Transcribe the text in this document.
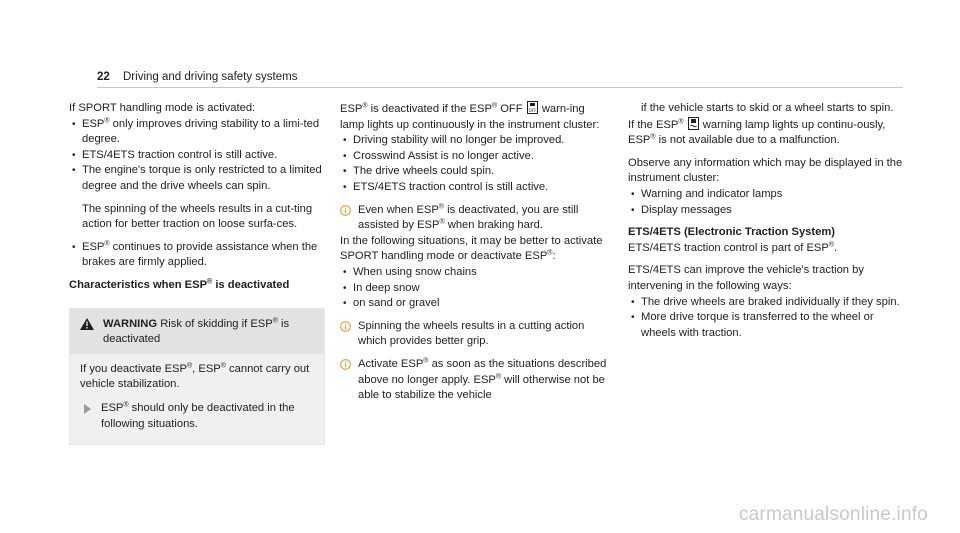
22 Driving and driving safety systems

If SPORT handling mode is activated:

• ESP® only improves driving stability to a limi-ted degree.
• ETS/4ETS traction control is still active.
• The engine's torque is only restricted to a limited degree and the drive wheels can spin.

The spinning of the wheels results in a cut-ting action for better traction on loose surfa-ces.

• ESP® continues to provide assistance when the brakes are firmly applied.

Characteristics when ESP® is deactivated

WARNING Risk of skidding if ESP® is deactivated

If you deactivate ESP®, ESP® cannot carry out vehicle stabilization.

ESP® should only be deactivated in the following situations.

ESP® is deactivated if the ESP® OFF OFF warn-ing lamp lights up continuously in the instrument cluster:

• Driving stability will no longer be improved.
• Crosswind Assist is no longer active.
• The drive wheels could spin.
• ETS/4ETS traction control is still active.

Even when ESP® is deactivated, you are still assisted by ESP® when braking hard.

In the following situations, it may be better to activate SPORT handling mode or deactivate ESP®:

• When using snow chains
• In deep snow
• on sand or gravel

Spinning the wheels results in a cutting action which provides better grip.

Activate ESP® as soon as the situations described above no longer apply. ESP® will otherwise not be able to stabilize the vehicle

if the vehicle starts to skid or a wheel starts to spin.

If the ESP® warning lamp lights up continu-ously, ESP® is not available due to a malfunction.

Observe any information which may be displayed in the instrument cluster:

• Warning and indicator lamps
• Display messages

ETS/4ETS (Electronic Traction System)

ETS/4ETS traction control is part of ESP®.

ETS/4ETS can improve the vehicle's traction by intervening in the following ways:

• The drive wheels are braked individually if they spin.
• More drive torque is transferred to the wheel or wheels with traction.
carmanualsonline.info
